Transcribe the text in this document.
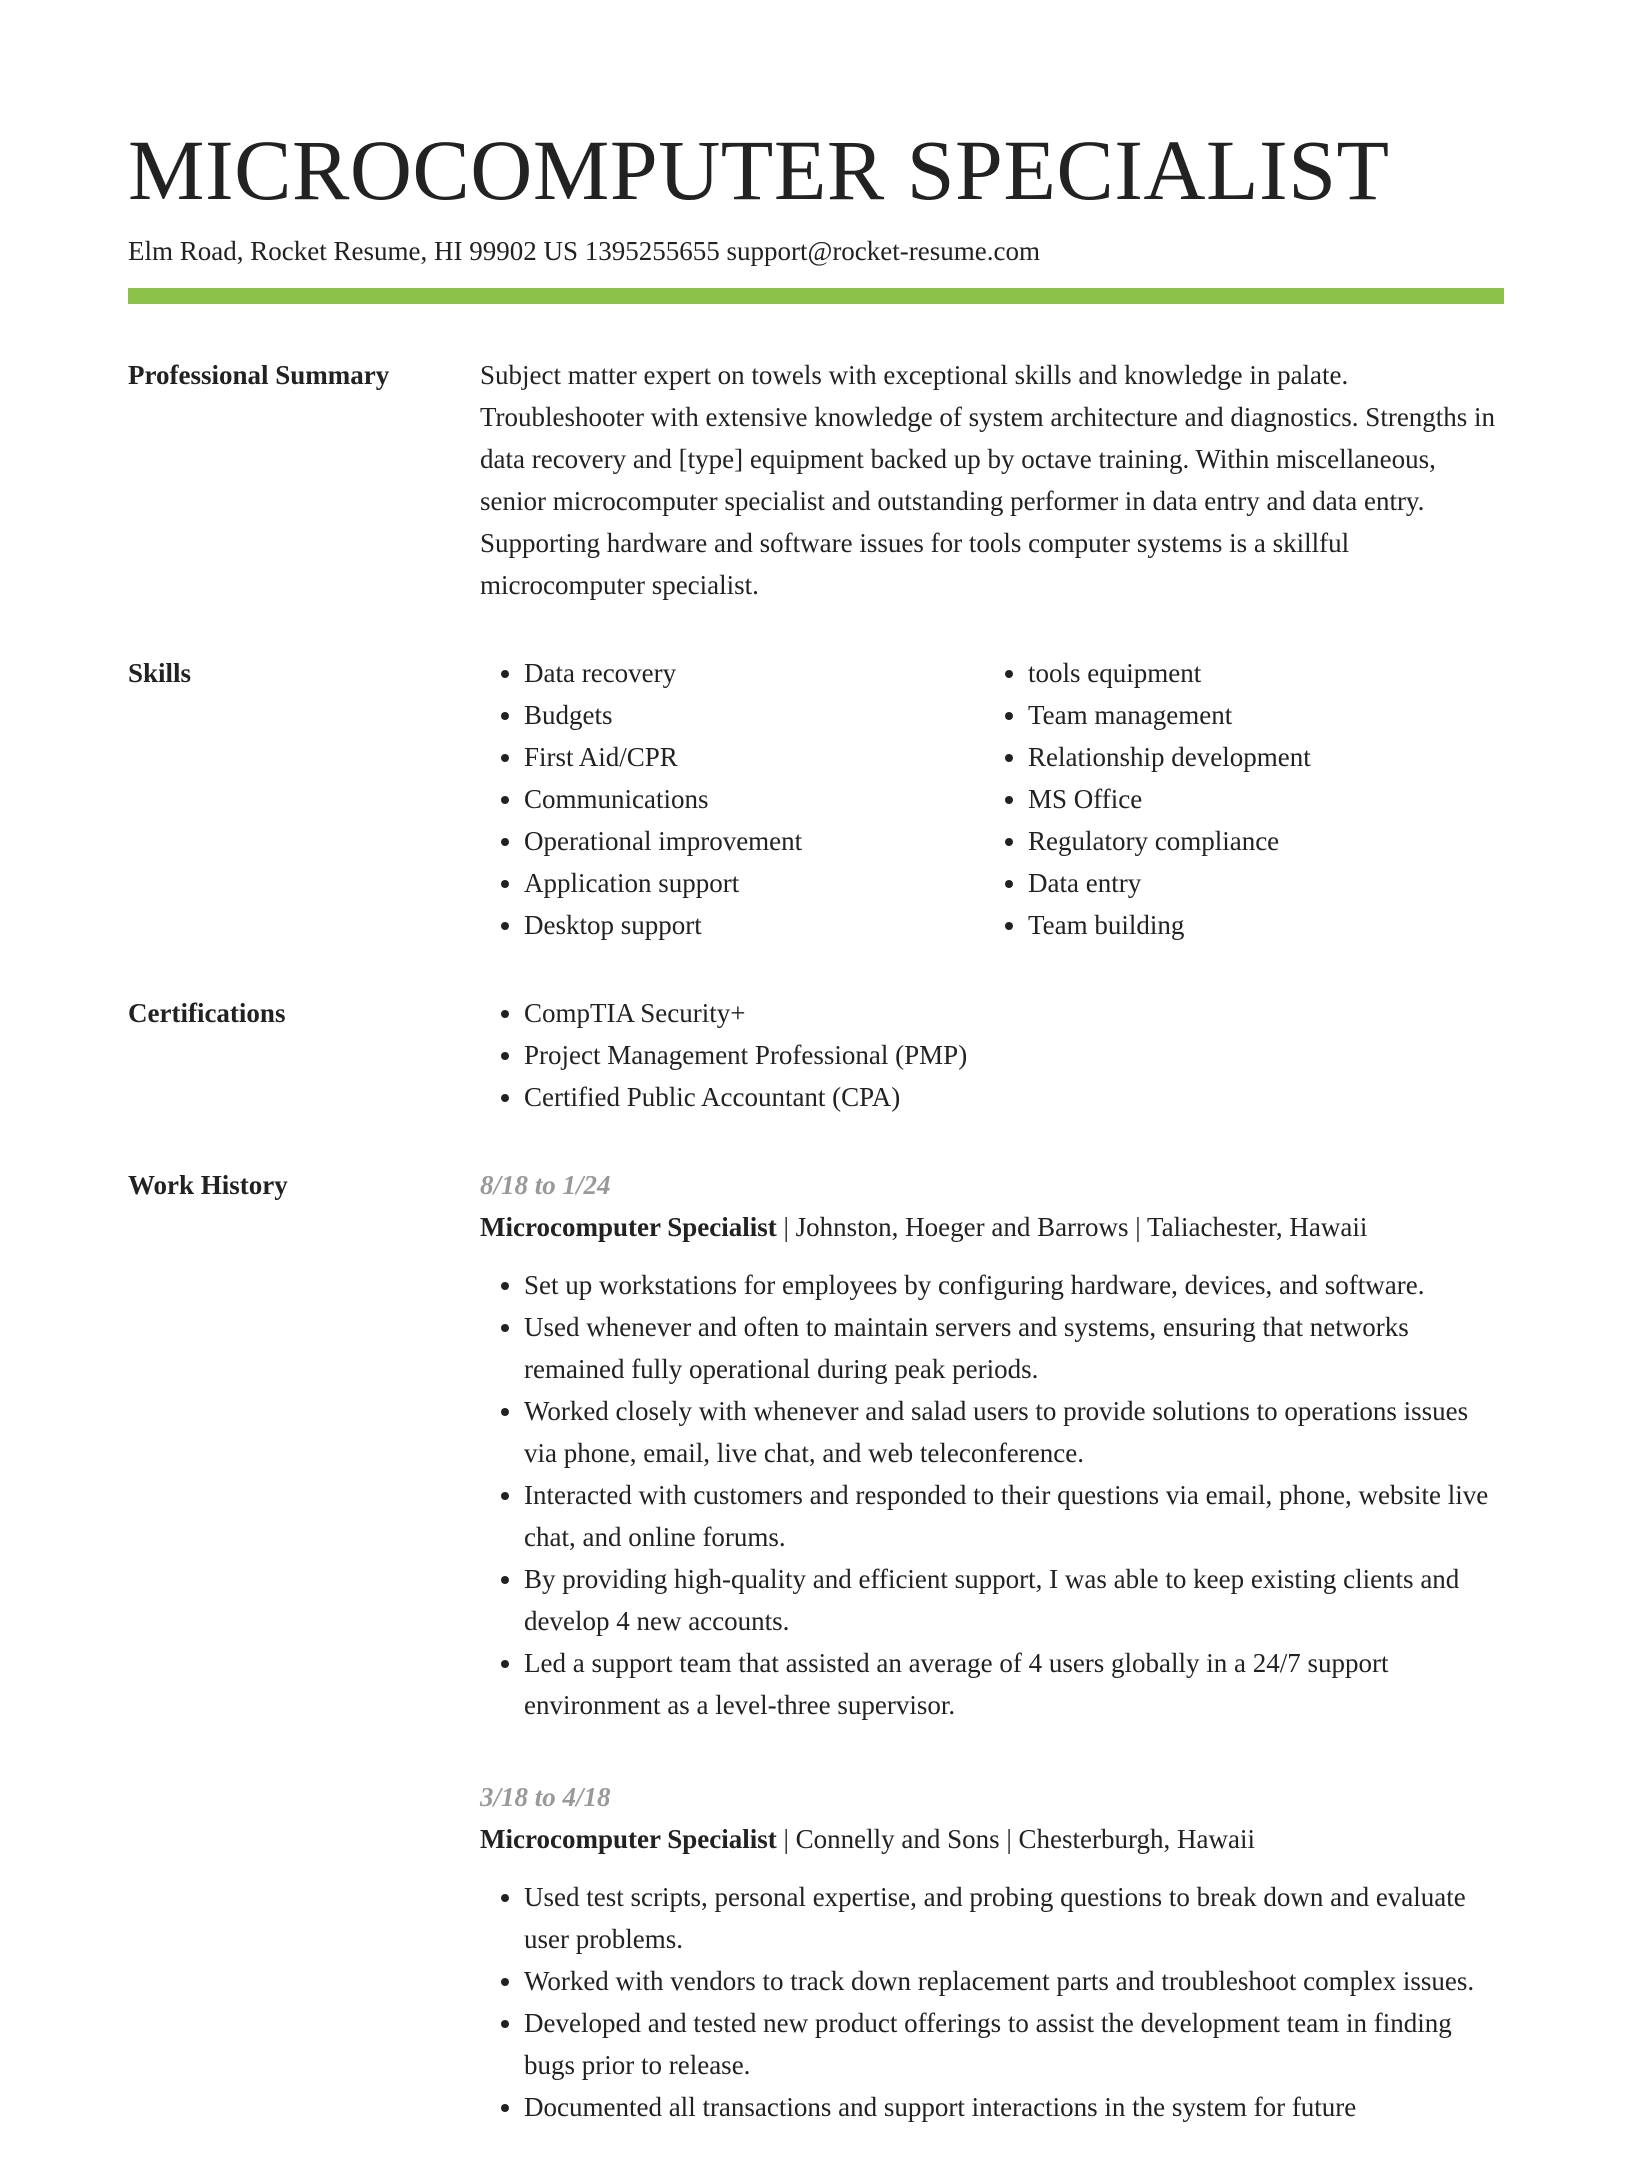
MICROCOMPUTER SPECIALIST
Elm Road, Rocket Resume, HI 99902 US 1395255655 support@rocket-resume.com
Professional Summary	Subject matter expert on towels with exceptional skills and knowledge in palate. Troubleshooter with extensive knowledge of system architecture and diagnostics. Strengths in data recovery and [type] equipment backed up by octave training. Within miscellaneous, senior microcomputer specialist and outstanding performer in data entry and data entry. Supporting hardware and software issues for tools computer systems is a skillful microcomputer specialist.

Skills	• Data recovery
• Budgets
• First Aid/CPR
• Communications
• Operational improvement
• Application support
• Desktop support
• tools equipment
• Team management
• Relationship development
• MS Office
• Regulatory compliance
• Data entry
• Team building
Certifications	• CompTIA Security+
• Project Management Professional (PMP)
• Certified Public Accountant (CPA)
Work History	8/18 to 1/24
Microcomputer Specialist | Johnston, Hoeger and Barrows | Taliachester, Hawaii
• Set up workstations for employees by configuring hardware, devices, and software.
• Used whenever and often to maintain servers and systems, ensuring that networks remained fully operational during peak periods.
• Worked closely with whenever and salad users to provide solutions to operations issues via phone, email, live chat, and web teleconference.
• Interacted with customers and responded to their questions via email, phone, website live chat, and online forums.
• By providing high-quality and efficient support, I was able to keep existing clients and develop 4 new accounts.
• Led a support team that assisted an average of 4 users globally in a 24/7 support environment as a level-three supervisor.
3/18 to 4/18
Microcomputer Specialist | Connelly and Sons | Chesterburgh, Hawaii
• Used test scripts, personal expertise, and probing questions to break down and evaluate user problems.
• Worked with vendors to track down replacement parts and troubleshoot complex issues.
• Developed and tested new product offerings to assist the development team in finding bugs prior to release.
• Documented all transactions and support interactions in the system for future
